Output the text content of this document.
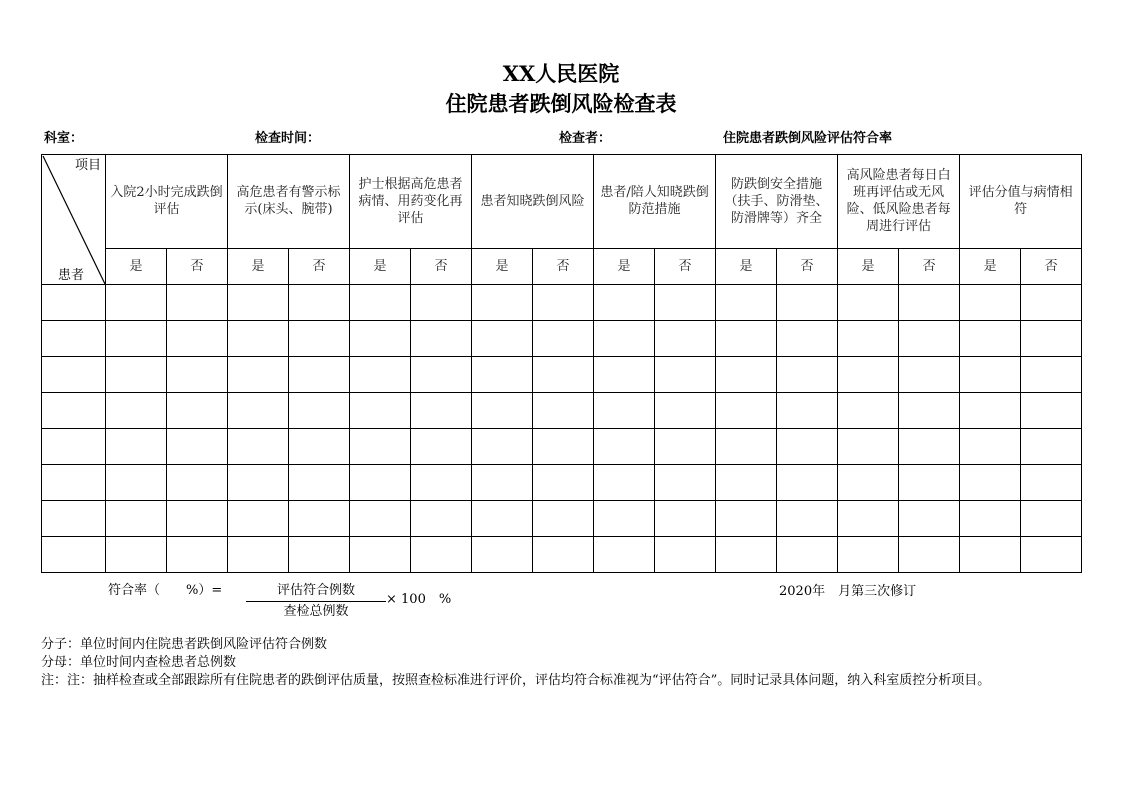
XX人民医院
住院患者跌倒风险检查表
科室：	检查时间：	检查者：	住院患者跌倒风险评估符合率
项目
患者	入院2小时完成跌倒评估		高危患者有警示标示(床头、腕带)		护士根据高危患者病情、用药变化再评估		患者知晓跌倒风险		患者/陪人知晓跌倒防范措施		防跌倒安全措施（扶手、防滑垫、防滑牌等）齐全		高风险患者每日白班再评估或无风险、低风险患者每周进行评估		评估分值与病情相符	
	是	否	是	否	是	否	是	否	是	否	是	否	是	否	是	否

符合率（　　%）=	评估符合例数
查检总例数
× 100　%
2020年　月第三次修订
分子：单位时间内住院患者跌倒风险评估符合例数
分母：单位时间内查检患者总例数
注：注：抽样检查或全部跟踪所有住院患者的跌倒评估质量，按照查检标准进行评价，评估均符合标准视为“评估符合”。同时记录具体问题，纳入科室质控分析项目。
